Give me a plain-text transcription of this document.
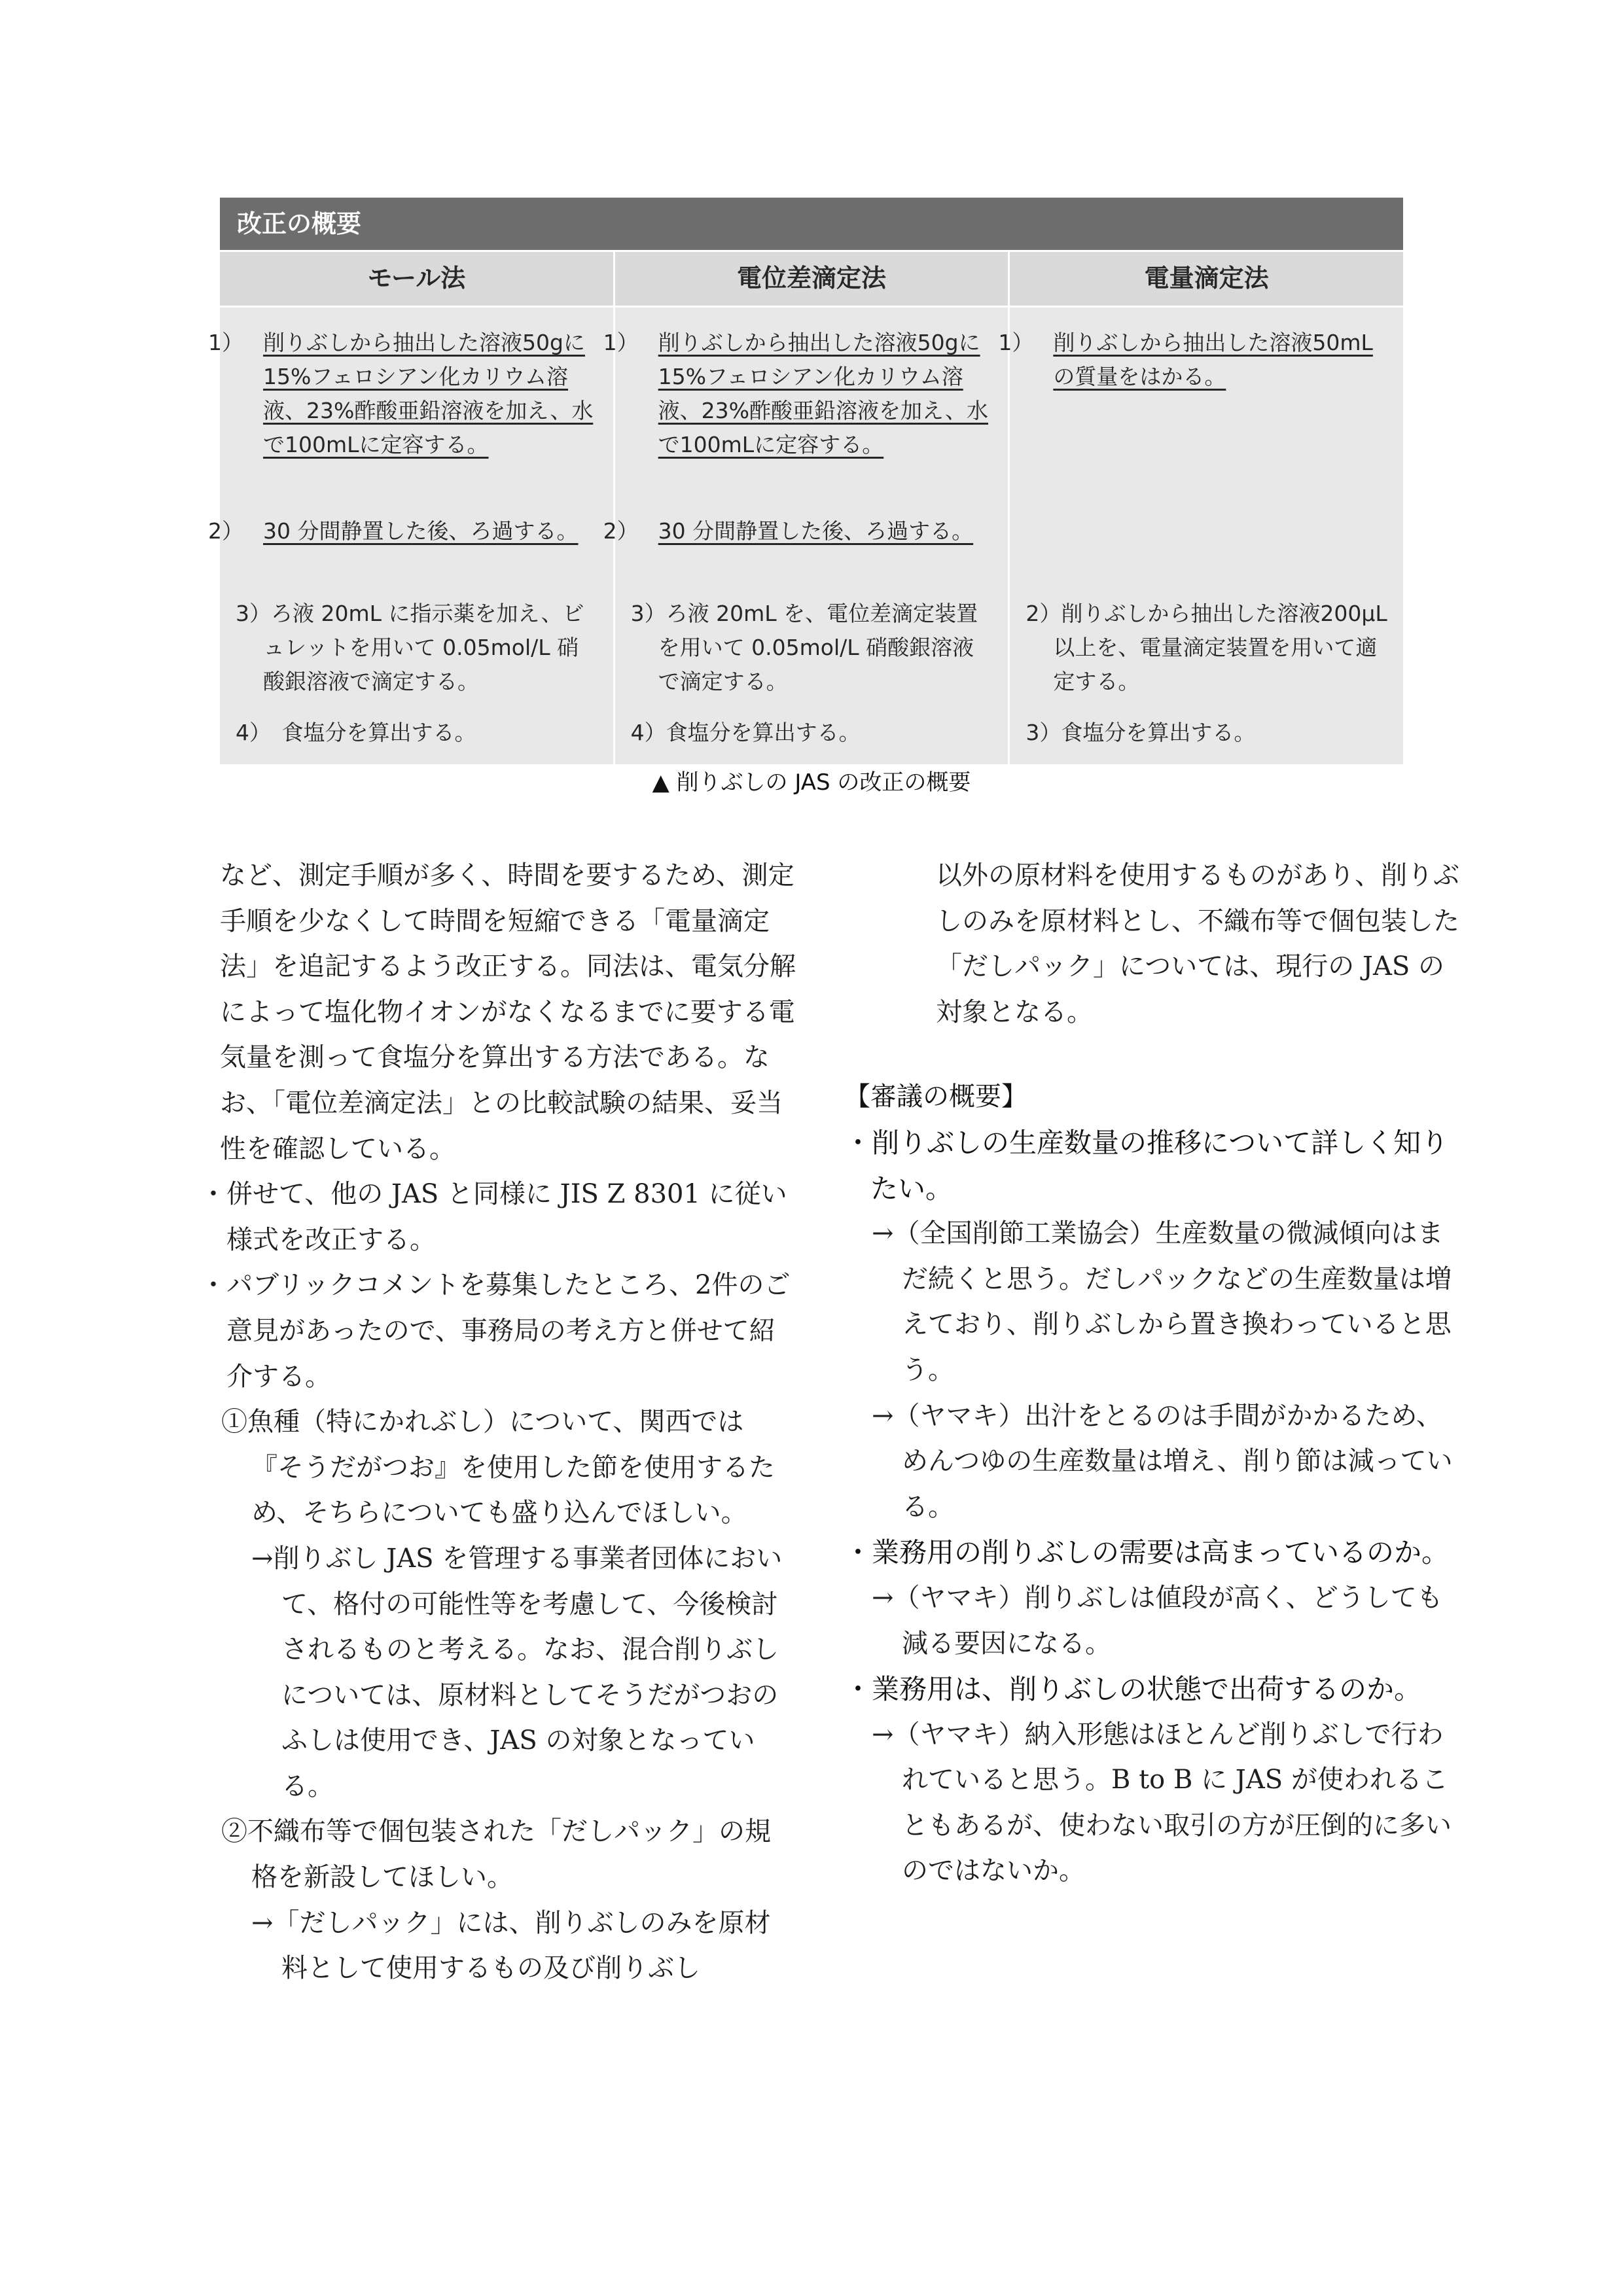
改正の概要
モール法	電位差滴定法	電量滴定法
1） 削りぶしから抽出した溶液50gに15%フェロシアン化カリウム溶液、23%酢酸亜鉛溶液を加え、水で100mLに定容する。
2） 30 分間静置した後、ろ過する。
3）ろ液 20mL に指示薬を加え、ビュレットを用いて 0.05mol/L 硝酸銀溶液で滴定する。
4）　食塩分を算出する。
1） 削りぶしから抽出した溶液50gに15%フェロシアン化カリウム溶液、23%酢酸亜鉛溶液を加え、水で100mLに定容する。
2） 30 分間静置した後、ろ過する。
3）ろ液 20mL を、電位差滴定装置を用いて 0.05mol/L 硝酸銀溶液で滴定する。
4）食塩分を算出する。
1） 削りぶしから抽出した溶液50mLの質量をはかる。
2）削りぶしから抽出した溶液200μL 以上を、電量滴定装置を用いて適定する。
3）食塩分を算出する。
▲ 削りぶしの JAS の改正の概要

など、測定手順が多く、時間を要するため、測定手順を少なくして時間を短縮できる「電量滴定法」を追記するよう改正する。同法は、電気分解によって塩化物イオンがなくなるまでに要する電気量を測って食塩分を算出する方法である。なお、「電位差滴定法」との比較試験の結果、妥当性を確認している。

・併せて、他の JAS と同様に JIS Z 8301 に従い様式を改正する。

・パブリックコメントを募集したところ、2件のご意見があったので、事務局の考え方と併せて紹介する。

①魚種（特にかれぶし）について、関西では『そうだがつお』を使用した節を使用するため、そちらについても盛り込んでほしい。

→削りぶし JAS を管理する事業者団体において、格付の可能性等を考慮して、今後検討されるものと考える。なお、混合削りぶしについては、原材料としてそうだがつおのふしは使用でき、JAS の対象となっている。

②不織布等で個包装された「だしパック」の規格を新設してほしい。

→「だしパック」には、削りぶしのみを原材料として使用するもの及び削りぶし

以外の原材料を使用するものがあり、削りぶしのみを原材料とし、不織布等で個包装した「だしパック」については、現行の JAS の対象となる。

【審議の概要】

・削りぶしの生産数量の推移について詳しく知りたい。

→（全国削節工業協会）生産数量の微減傾向はまだ続くと思う。だしパックなどの生産数量は増えており、削りぶしから置き換わっていると思う。

→（ヤマキ）出汁をとるのは手間がかかるため、めんつゆの生産数量は増え、削り節は減っている。

・業務用の削りぶしの需要は高まっているのか。

→（ヤマキ）削りぶしは値段が高く、どうしても減る要因になる。

・業務用は、削りぶしの状態で出荷するのか。

→（ヤマキ）納入形態はほとんど削りぶしで行われていると思う。B to B に JAS が使われることもあるが、使わない取引の方が圧倒的に多いのではないか。
